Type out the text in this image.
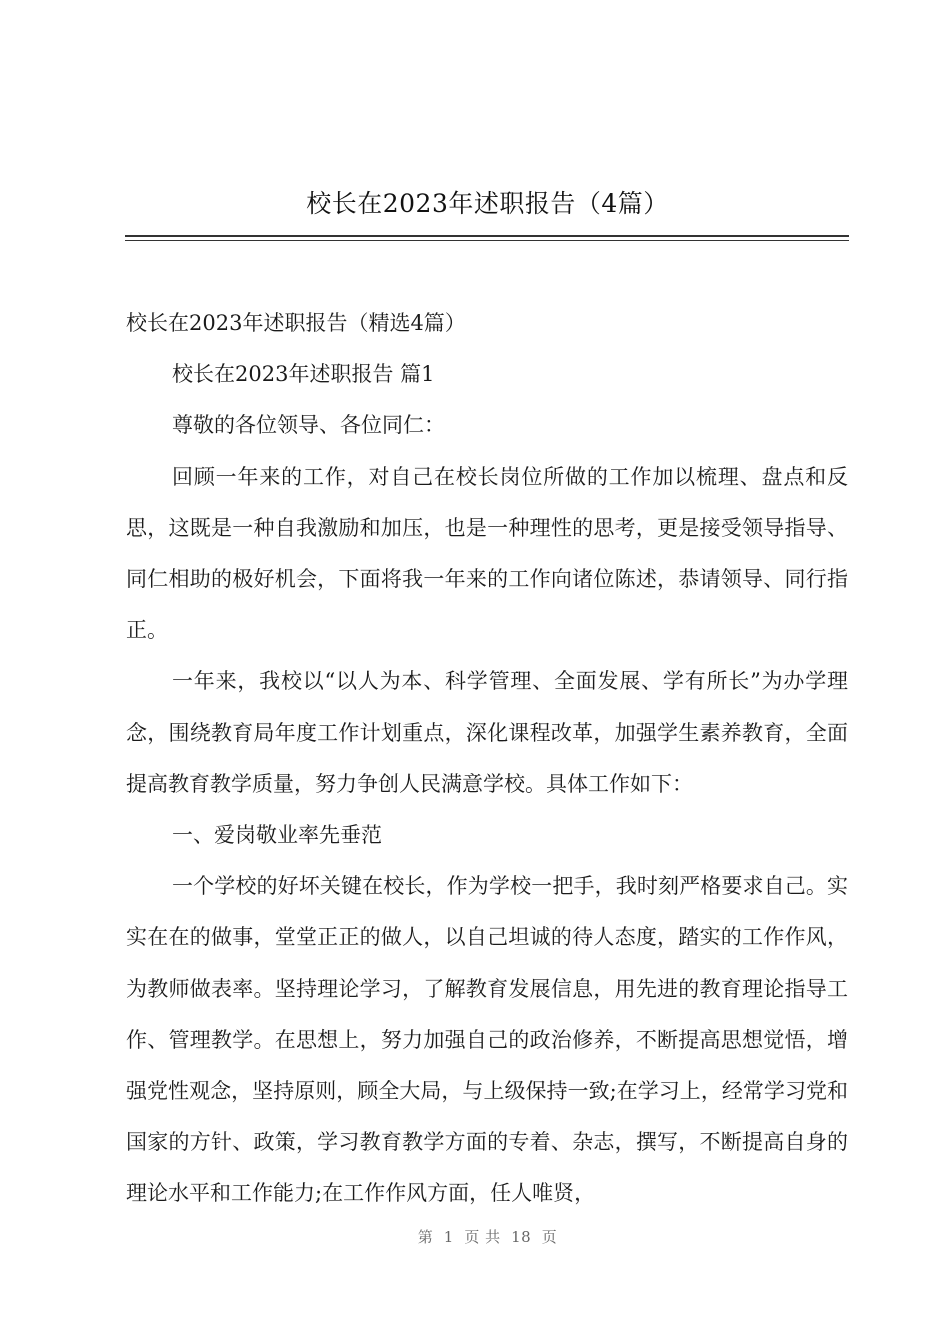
校长在2023年述职报告（4篇）

校长在2023年述职报告（精选4篇）

校长在2023年述职报告 篇1

尊敬的各位领导、各位同仁：

回顾一年来的工作，对自己在校长岗位所做的工作加以梳理、盘点和反思，这既是一种自我激励和加压，也是一种理性的思考，更是接受领导指导、同仁相助的极好机会，下面将我一年来的工作向诸位陈述，恭请领导、同行指正。

一年来，我校以“以人为本、科学管理、全面发展、学有所长”为办学理念，围绕教育局年度工作计划重点，深化课程改革，加强学生素养教育，全面提高教育教学质量，努力争创人民满意学校。具体工作如下：

一、爱岗敬业率先垂范

一个学校的好坏关键在校长，作为学校一把手，我时刻严格要求自己。实实在在的做事，堂堂正正的做人，以自己坦诚的待人态度，踏实的工作作风，为教师做表率。坚持理论学习，了解教育发展信息，用先进的教育理论指导工作、管理教学。在思想上，努力加强自己的政治修养，不断提高思想觉悟，增强党性观念，坚持原则，顾全大局，与上级保持一致;在学习上，经常学习党和国家的方针、政策，学习教育教学方面的专着、杂志，撰写，不断提高自身的理论水平和工作能力;在工作作风方面，任人唯贤，

第  1  页 共  18  页
